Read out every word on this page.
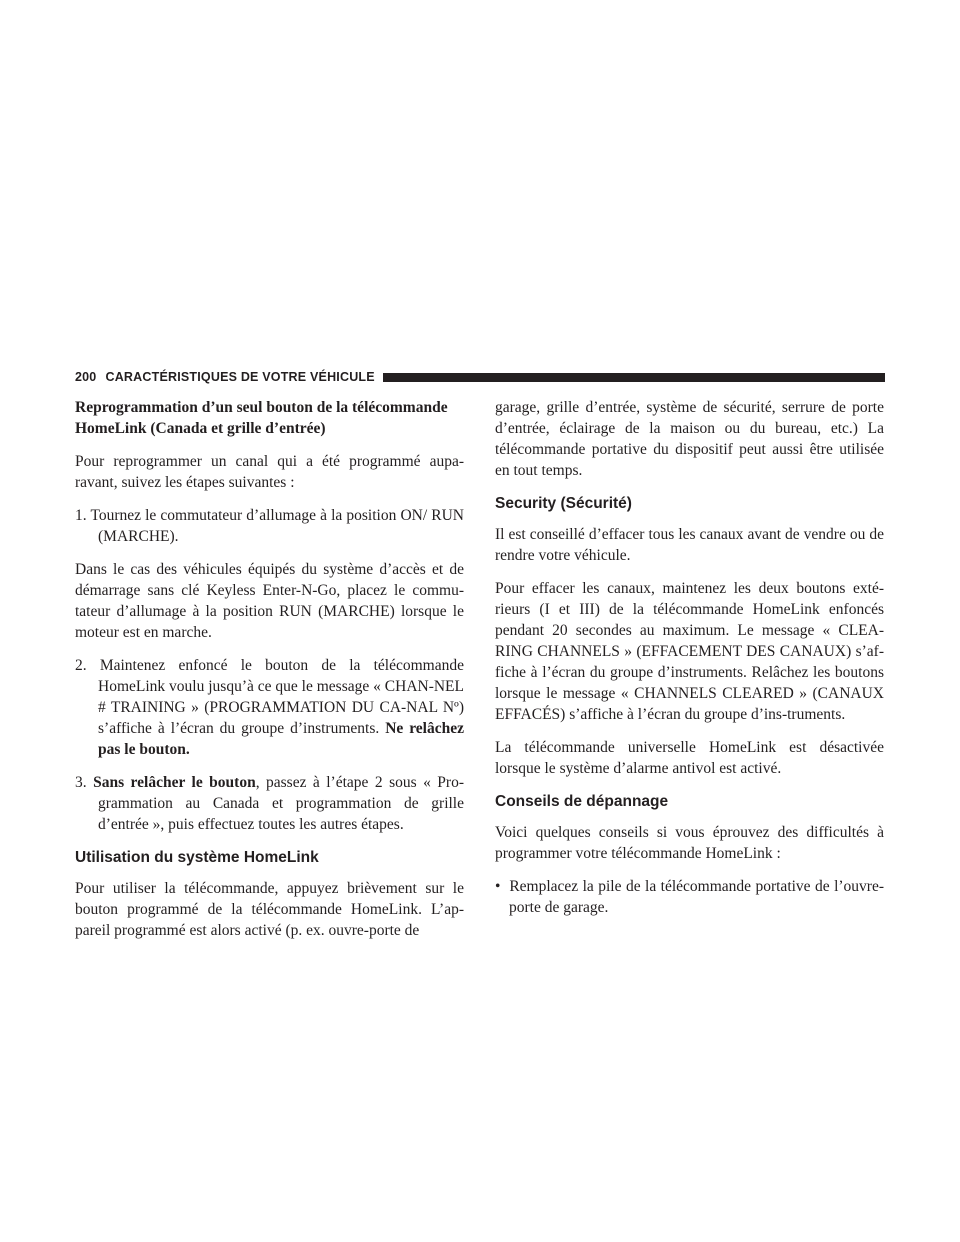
200 CARACTÉRISTIQUES DE VOTRE VÉHICULE

Reprogrammation d’un seul bouton de la télécommande HomeLink (Canada et grille d’entrée)

Pour reprogrammer un canal qui a été programmé aupa-ravant, suivez les étapes suivantes :

1. Tournez le commutateur d’allumage à la position ON/ RUN (MARCHE).

Dans le cas des véhicules équipés du système d’accès et de démarrage sans clé Keyless Enter-N-Go, placez le commu-tateur d’allumage à la position RUN (MARCHE) lorsque le moteur est en marche.

2. Maintenez enfoncé le bouton de la télécommande HomeLink voulu jusqu’à ce que le message « CHAN-NEL # TRAINING » (PROGRAMMATION DU CA-NAL Nº) s’affiche à l’écran du groupe d’instruments. Ne relâchez pas le bouton.

3. Sans relâcher le bouton, passez à l’étape 2 sous « Pro-grammation au Canada et programmation de grille d’entrée », puis effectuez toutes les autres étapes.

Utilisation du système HomeLink

Pour utiliser la télécommande, appuyez brièvement sur le bouton programmé de la télécommande HomeLink. L’ap-pareil programmé est alors activé (p. ex. ouvre-porte de

garage, grille d’entrée, système de sécurité, serrure de porte d’entrée, éclairage de la maison ou du bureau, etc.) La télécommande portative du dispositif peut aussi être utilisée en tout temps.

Security (Sécurité)

Il est conseillé d’effacer tous les canaux avant de vendre ou de rendre votre véhicule.

Pour effacer les canaux, maintenez les deux boutons exté-rieurs (I et III) de la télécommande HomeLink enfoncés pendant 20 secondes au maximum. Le message « CLEA-RING CHANNELS » (EFFACEMENT DES CANAUX) s’af-fiche à l’écran du groupe d’instruments. Relâchez les boutons lorsque le message « CHANNELS CLEARED » (CANAUX EFFACÉS) s’affiche à l’écran du groupe d’ins-truments.

La télécommande universelle HomeLink est désactivée lorsque le système d’alarme antivol est activé.

Conseils de dépannage

Voici quelques conseils si vous éprouvez des difficultés à programmer votre télécommande HomeLink :

• Remplacez la pile de la télécommande portative de l’ouvre-porte de garage.
